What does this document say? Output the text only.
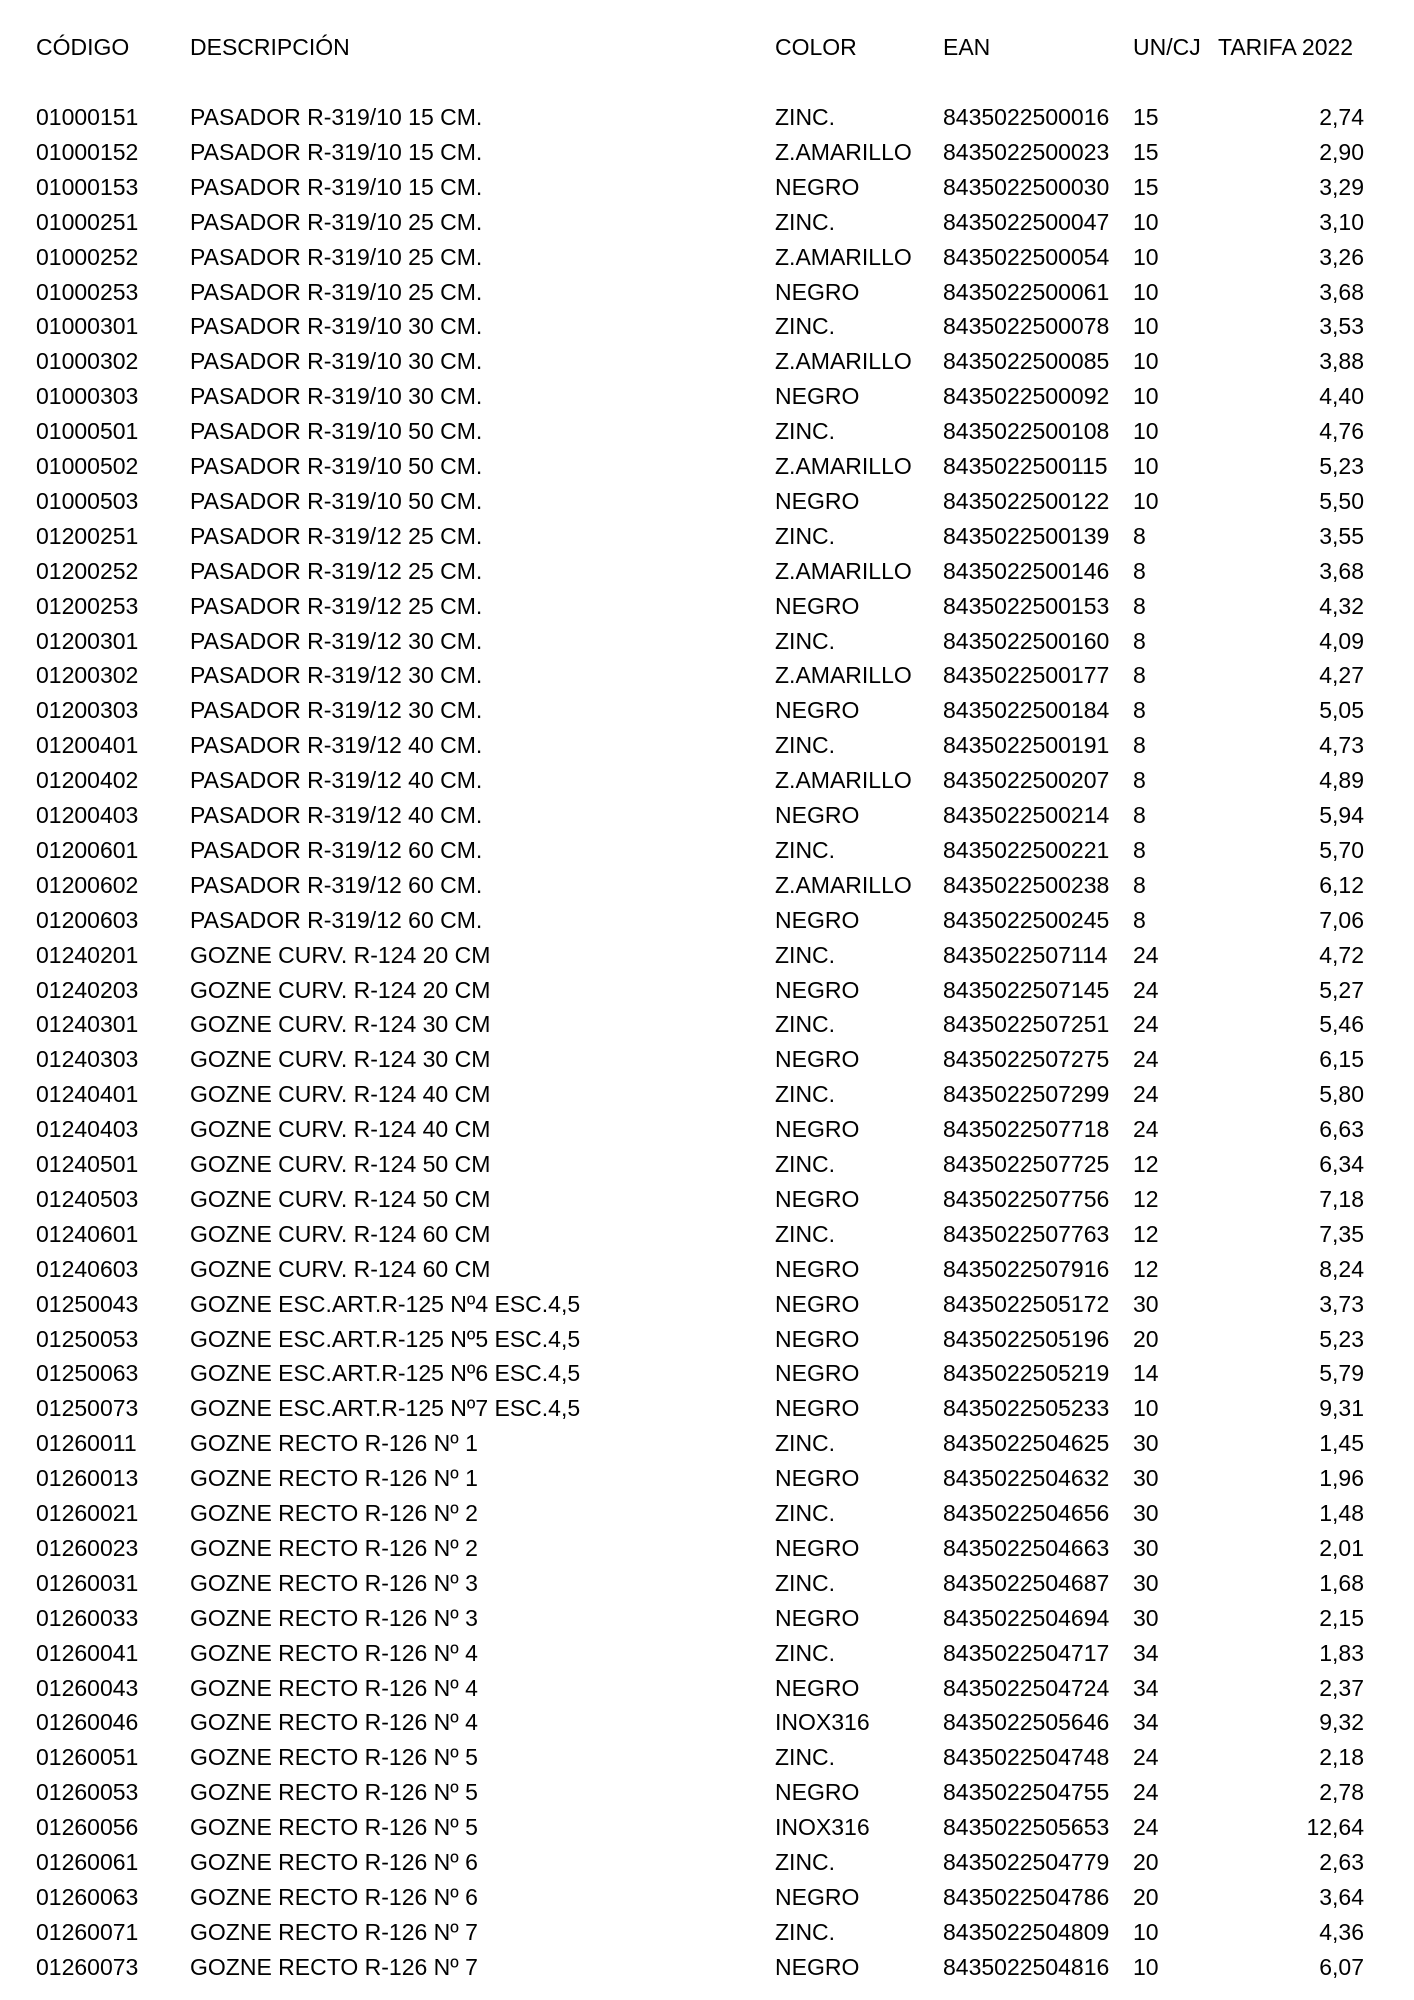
CÓDIGO	DESCRIPCIÓN	COLOR	EAN	UN/CJ TARIFA 2022
01000151 PASADOR R-319/10 15 CM.	ZINC.	8435022500016 15	2,74
01000152 PASADOR R-319/10 15 CM.	Z.AMARILLO 8435022500023 15	2,90
01000153 PASADOR R-319/10 15 CM.	NEGRO	8435022500030 15	3,29
01000251 PASADOR R-319/10 25 CM.	ZINC.	8435022500047 10	3,10
01000252 PASADOR R-319/10 25 CM.	Z.AMARILLO 8435022500054 10	3,26
01000253 PASADOR R-319/10 25 CM.	NEGRO	8435022500061 10	3,68
01000301 PASADOR R-319/10 30 CM.	ZINC.	8435022500078 10	3,53
01000302 PASADOR R-319/10 30 CM.	Z.AMARILLO 8435022500085 10	3,88
01000303 PASADOR R-319/10 30 CM.	NEGRO	8435022500092 10	4,40
01000501 PASADOR R-319/10 50 CM.	ZINC.	8435022500108 10	4,76
01000502 PASADOR R-319/10 50 CM.	Z.AMARILLO 8435022500115 10	5,23
01000503 PASADOR R-319/10 50 CM.	NEGRO	8435022500122 10	5,50
01200251 PASADOR R-319/12 25 CM.	ZINC.	8435022500139 8	3,55
01200252 PASADOR R-319/12 25 CM.	Z.AMARILLO 8435022500146 8	3,68
01200253 PASADOR R-319/12 25 CM.	NEGRO	8435022500153 8	4,32
01200301 PASADOR R-319/12 30 CM.	ZINC.	8435022500160 8	4,09
01200302 PASADOR R-319/12 30 CM.	Z.AMARILLO 8435022500177 8	4,27
01200303 PASADOR R-319/12 30 CM.	NEGRO	8435022500184 8	5,05
01200401 PASADOR R-319/12 40 CM.	ZINC.	8435022500191 8	4,73
01200402 PASADOR R-319/12 40 CM.	Z.AMARILLO 8435022500207 8	4,89
01200403 PASADOR R-319/12 40 CM.	NEGRO	8435022500214 8	5,94
01200601 PASADOR R-319/12 60 CM.	ZINC.	8435022500221 8	5,70
01200602 PASADOR R-319/12 60 CM.	Z.AMARILLO 8435022500238 8	6,12
01200603 PASADOR R-319/12 60 CM.	NEGRO	8435022500245 8	7,06
01240201 GOZNE CURV. R-124 20 CM	ZINC.	8435022507114 24	4,72
01240203 GOZNE CURV. R-124 20 CM	NEGRO	8435022507145 24	5,27
01240301 GOZNE CURV. R-124 30 CM	ZINC.	8435022507251 24	5,46
01240303 GOZNE CURV. R-124 30 CM	NEGRO	8435022507275 24	6,15
01240401 GOZNE CURV. R-124 40 CM	ZINC.	8435022507299 24	5,80
01240403 GOZNE CURV. R-124 40 CM	NEGRO	8435022507718 24	6,63
01240501 GOZNE CURV. R-124 50 CM	ZINC.	8435022507725 12	6,34
01240503 GOZNE CURV. R-124 50 CM	NEGRO	8435022507756 12	7,18
01240601 GOZNE CURV. R-124 60 CM	ZINC.	8435022507763 12	7,35
01240603 GOZNE CURV. R-124 60 CM	NEGRO	8435022507916 12	8,24
01250043 GOZNE ESC.ART.R-125 Nº4 ESC.4,5	NEGRO	8435022505172 30	3,73
01250053 GOZNE ESC.ART.R-125 Nº5 ESC.4,5	NEGRO	8435022505196 20	5,23
01250063 GOZNE ESC.ART.R-125 Nº6 ESC.4,5	NEGRO	8435022505219 14	5,79
01250073 GOZNE ESC.ART.R-125 Nº7 ESC.4,5	NEGRO	8435022505233 10	9,31
01260011 GOZNE RECTO R-126 Nº 1	ZINC.	8435022504625 30	1,45
01260013 GOZNE RECTO R-126 Nº 1	NEGRO	8435022504632 30	1,96
01260021 GOZNE RECTO R-126 Nº 2	ZINC.	8435022504656 30	1,48
01260023 GOZNE RECTO R-126 Nº 2	NEGRO	8435022504663 30	2,01
01260031 GOZNE RECTO R-126 Nº 3	ZINC.	8435022504687 30	1,68
01260033 GOZNE RECTO R-126 Nº 3	NEGRO	8435022504694 30	2,15
01260041 GOZNE RECTO R-126 Nº 4	ZINC.	8435022504717 34	1,83
01260043 GOZNE RECTO R-126 Nº 4	NEGRO	8435022504724 34	2,37
01260046 GOZNE RECTO R-126 Nº 4	INOX316	8435022505646 34	9,32
01260051 GOZNE RECTO R-126 Nº 5	ZINC.	8435022504748 24	2,18
01260053 GOZNE RECTO R-126 Nº 5	NEGRO	8435022504755 24	2,78
01260056 GOZNE RECTO R-126 Nº 5	INOX316	8435022505653 24	12,64
01260061 GOZNE RECTO R-126 Nº 6	ZINC.	8435022504779 20	2,63
01260063 GOZNE RECTO R-126 Nº 6	NEGRO	8435022504786 20	3,64
01260071 GOZNE RECTO R-126 Nº 7	ZINC.	8435022504809 10	4,36
01260073 GOZNE RECTO R-126 Nº 7	NEGRO	8435022504816 10	6,07
